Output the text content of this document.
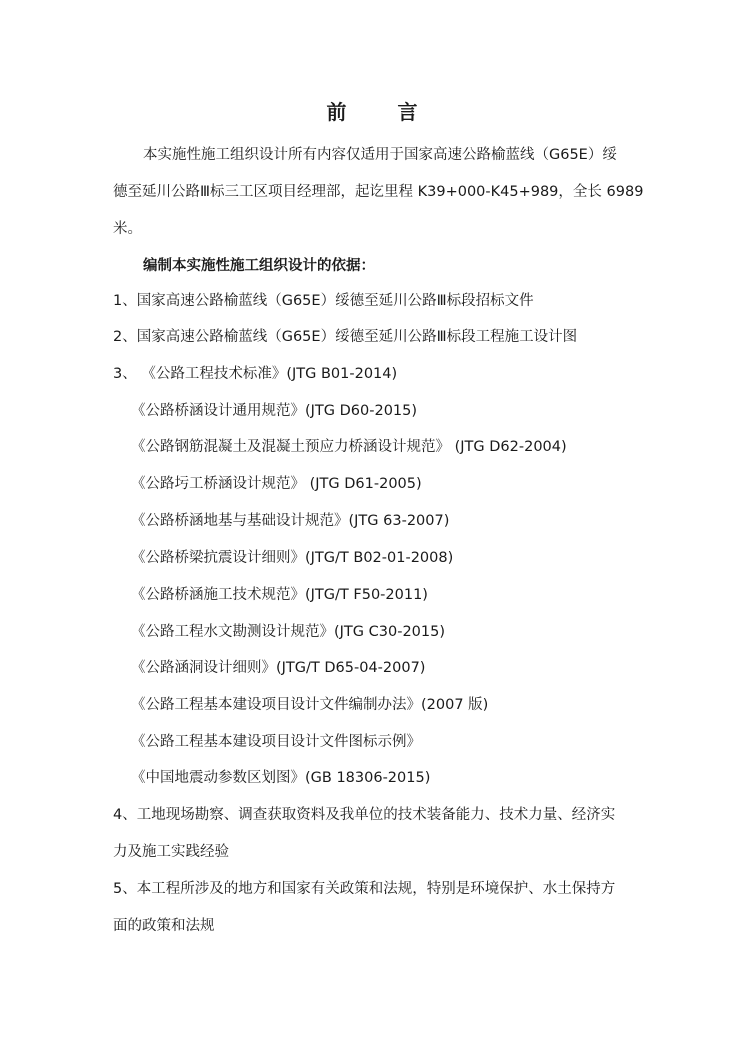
前 言
本实施性施工组织设计所有内容仅适用于国家高速公路榆蓝线（G65E）绥
德至延川公路Ⅲ标三工区项目经理部，起讫里程 K39+000-K45+989，全长 6989
米。
编制本实施性施工组织设计的依据：
1、国家高速公路榆蓝线（G65E）绥德至延川公路Ⅲ标段招标文件
2、国家高速公路榆蓝线（G65E）绥德至延川公路Ⅲ标段工程施工设计图
3、 《公路工程技术标准》(JTG B01-2014)
《公路桥涵设计通用规范》(JTG D60-2015)
《公路钢筋混凝土及混凝土预应力桥涵设计规范》 (JTG D62-2004)
《公路圬工桥涵设计规范》 (JTG D61-2005)
《公路桥涵地基与基础设计规范》(JTG 63-2007)
《公路桥梁抗震设计细则》(JTG/T B02-01-2008)
《公路桥涵施工技术规范》(JTG/T F50-2011)
《公路工程水文勘测设计规范》(JTG C30-2015)
《公路涵洞设计细则》(JTG/T D65-04-2007)
《公路工程基本建设项目设计文件编制办法》(2007 版)
《公路工程基本建设项目设计文件图标示例》
《中国地震动参数区划图》(GB 18306-2015)
4、工地现场勘察、调查获取资料及我单位的技术装备能力、技术力量、经济实
力及施工实践经验
5、本工程所涉及的地方和国家有关政策和法规，特别是环境保护、水土保持方
面的政策和法规
